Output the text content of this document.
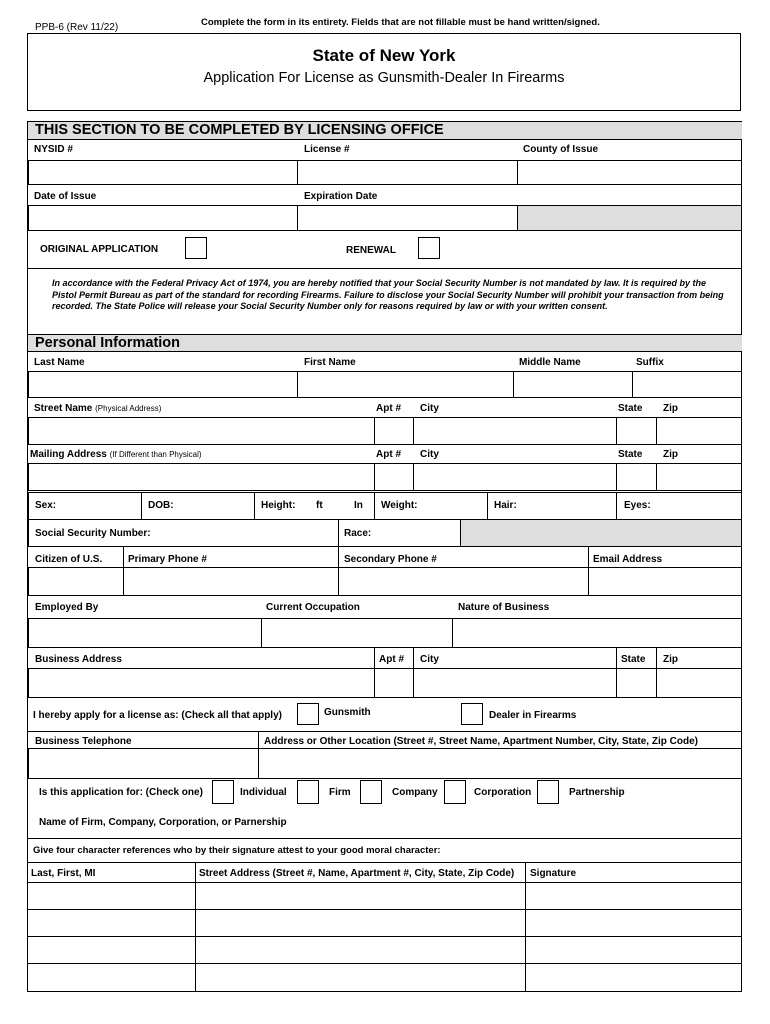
PPB-6 (Rev 11/22)	Complete the form in its entirety. Fields that are not fillable must be hand written/signed.
State of New York
Application For License as Gunsmith-Dealer In Firearms
THIS SECTION TO BE COMPLETED BY LICENSING OFFICE
NYSID #	License #	County of Issue
Date of Issue	Expiration Date
ORIGINAL APPLICATION	RENEWAL
In accordance with the Federal Privacy Act of 1974, you are hereby notified that your Social Security Number is not mandated by law. It is required by the Pistol Permit Bureau as part of the standard for recording Firearms. Failure to disclose your Social Security Number will prohibit your transaction from being recorded. The State Police will release your Social Security Number only for reasons required by law or with your written consent.
Personal Information
Last Name	First Name	Middle Name	Suffix
Street Name (Physical Address)	Apt # City	State Zip
Mailing Address (If Different than Physical)	Apt # City	State Zip
Sex:	DOB:	Height: ft	In Weight:	Hair:	Eyes:
Social Security Number:	Race:
Citizen of U.S.	Primary Phone #	Secondary Phone #	Email Address
Employed By	Current Occupation	Nature of Business
Business Address	Apt # City	State Zip
I hereby apply for a license as: (Check all that apply)	Gunsmith	Dealer in Firearms
Business Telephone	Address or Other Location (Street #, Street Name, Apartment Number, City, State, Zip Code)
Is this application for: (Check one)	Individual	Firm	Company	Corporation	Partnership
Name of Firm, Company, Corporation, or Parnership
Give four character references who by their signature attest to your good moral character:
Last, First, MI	Street Address (Street #, Name, Apartment #, City, State, Zip Code) Signature
